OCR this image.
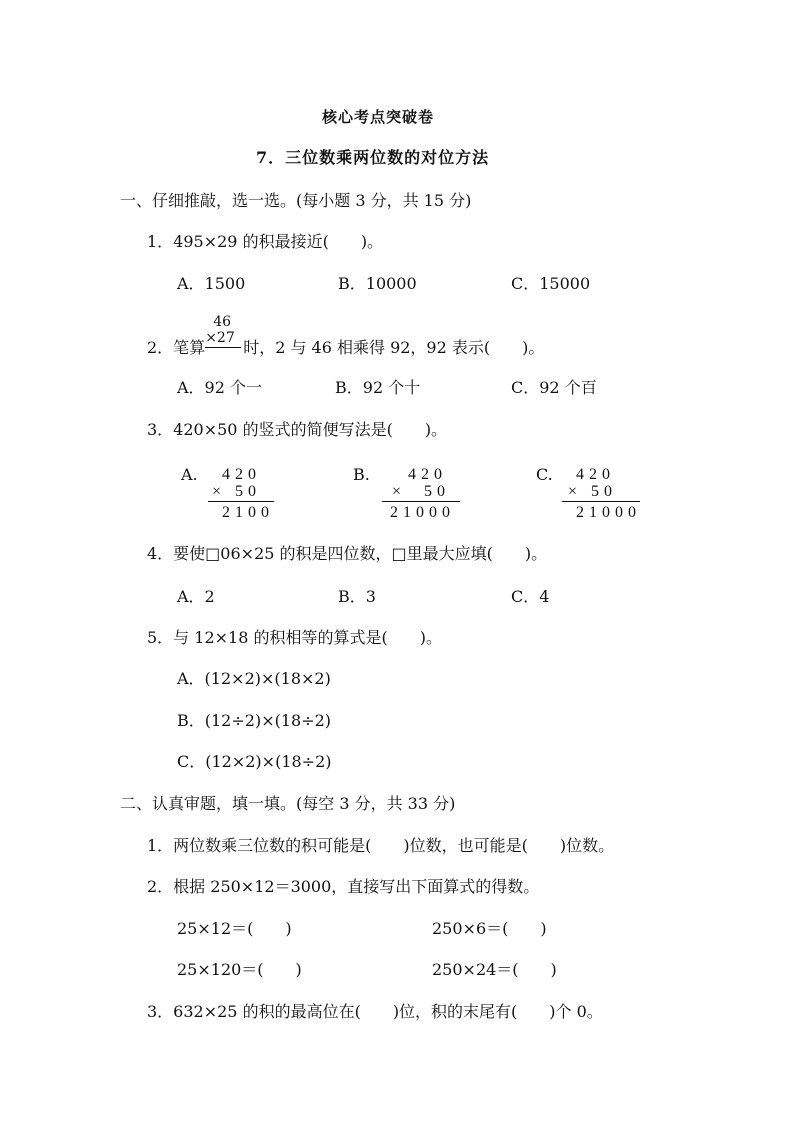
核心考点突破卷
7．三位数乘两位数的对位方法
一、仔细推敲，选一选。(每小题 3 分，共 15 分)
1．495×29 的积最接近(　　)。
A．1500	B．10000	C．15000
2．笔算
46
×27 时，2 与 46 相乘得 92，92 表示(　　)。
A．92 个一	B．92 个十	C．92 个百
3．420×50 的竖式的简便写法是(　　)。
A.	420
× 50
2100
B.	420
×  50
21000
C.	420
× 50
21000
4．要使□06×25 的积是四位数，□里最大应填(　　)。
A．2	B．3	C．4
5．与 12×18 的积相等的算式是(　　)。
A．(12×2)×(18×2)
B．(12÷2)×(18÷2)
C．(12×2)×(18÷2)
二、认真审题，填一填。(每空 3 分，共 33 分)
1．两位数乘三位数的积可能是(　　)位数，也可能是(　　)位数。
2．根据 250×12＝3000，直接写出下面算式的得数。
25×12＝(　　)	250×6＝(　　)
25×120＝(　　)	250×24＝(　　)
3．632×25 的积的最高位在(　　)位，积的末尾有(　　)个 0。
